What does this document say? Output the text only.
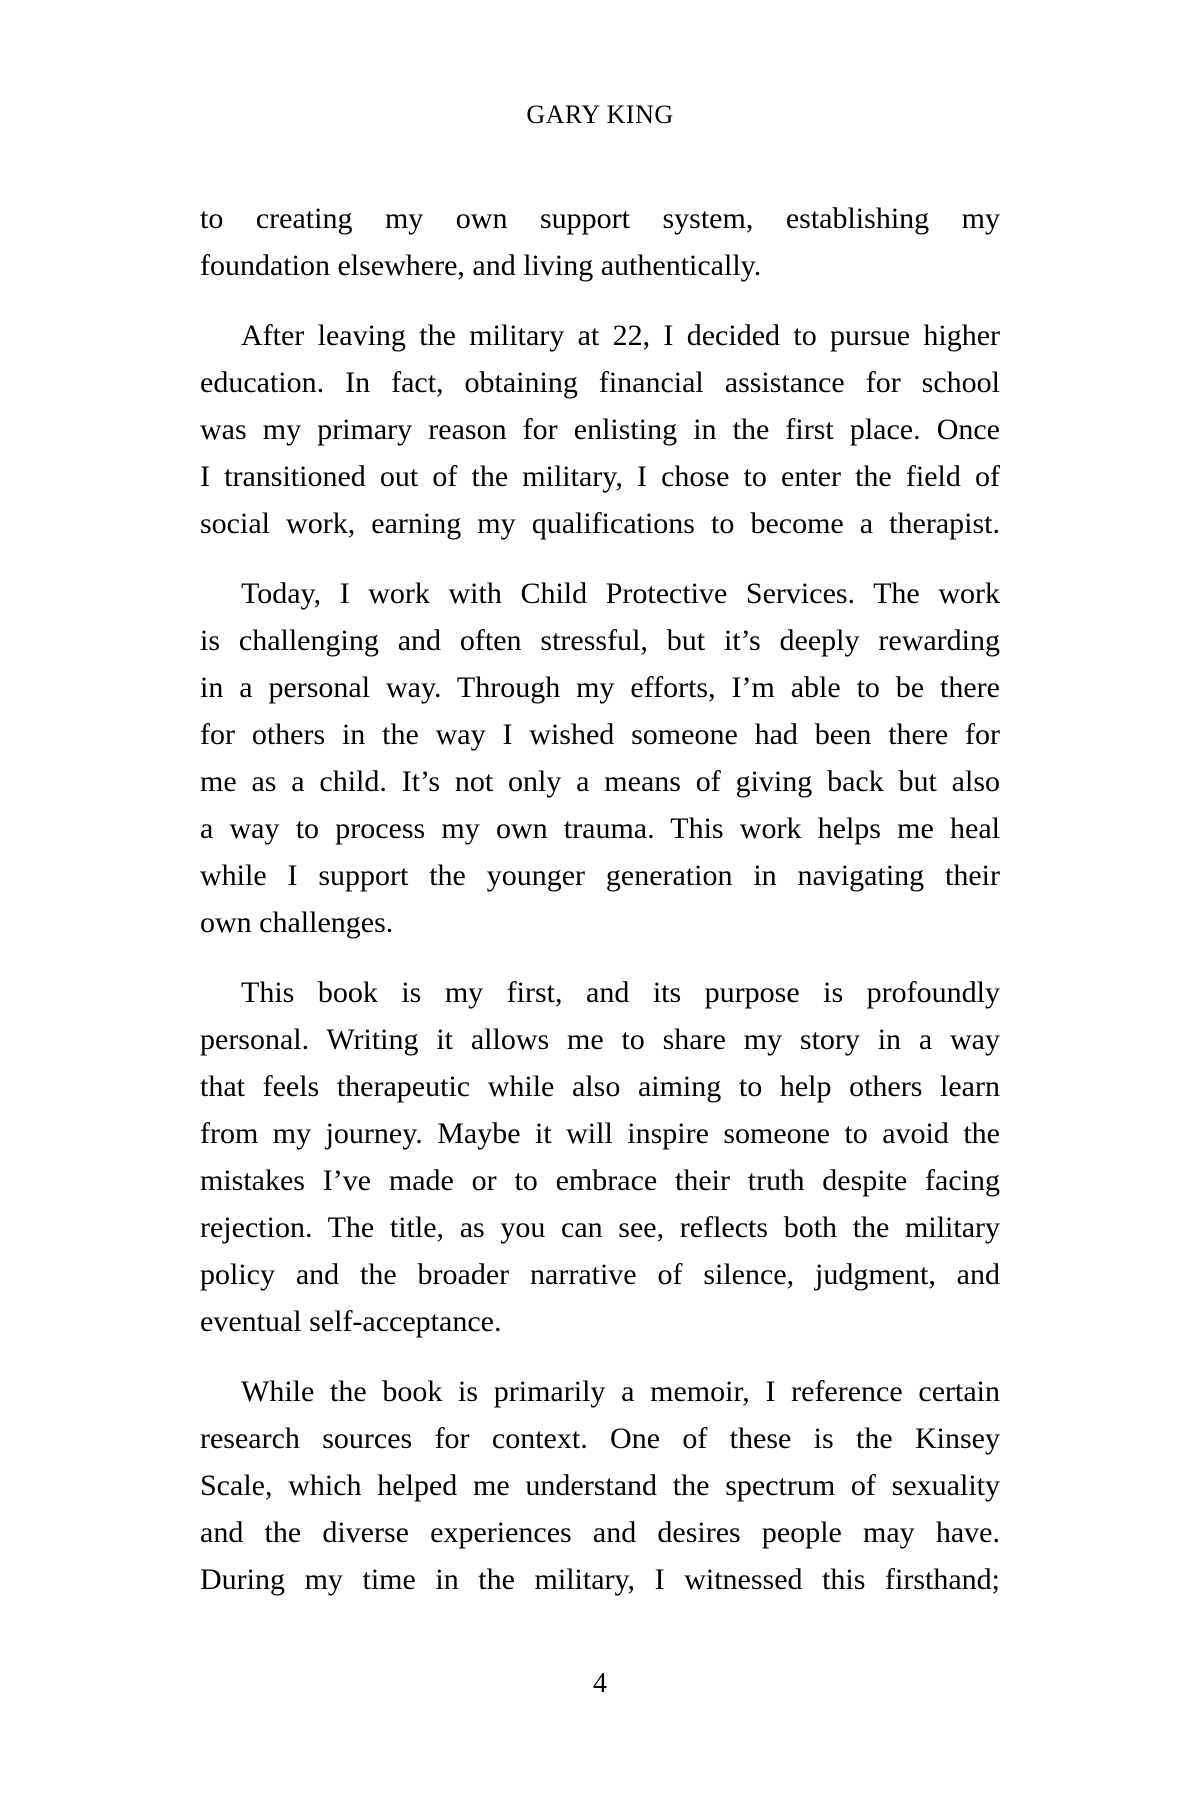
GARY KING
to creating my own support system, establishing my
foundation elsewhere, and living authentically.
After leaving the military at 22, I decided to pursue higher
education. In fact, obtaining financial assistance for school
was my primary reason for enlisting in the first place. Once
I transitioned out of the military, I chose to enter the field of
social work, earning my qualifications to become a therapist.
Today, I work with Child Protective Services. The work
is challenging and often stressful, but it’s deeply rewarding
in a personal way. Through my efforts, I’m able to be there
for others in the way I wished someone had been there for
me as a child. It’s not only a means of giving back but also
a way to process my own trauma. This work helps me heal
while I support the younger generation in navigating their
own challenges.
This book is my first, and its purpose is profoundly
personal. Writing it allows me to share my story in a way
that feels therapeutic while also aiming to help others learn
from my journey. Maybe it will inspire someone to avoid the
mistakes I’ve made or to embrace their truth despite facing
rejection. The title, as you can see, reflects both the military
policy and the broader narrative of silence, judgment, and
eventual self-acceptance.
While the book is primarily a memoir, I reference certain
research sources for context. One of these is the Kinsey
Scale, which helped me understand the spectrum of sexuality
and the diverse experiences and desires people may have.
During my time in the military, I witnessed this firsthand;
4
